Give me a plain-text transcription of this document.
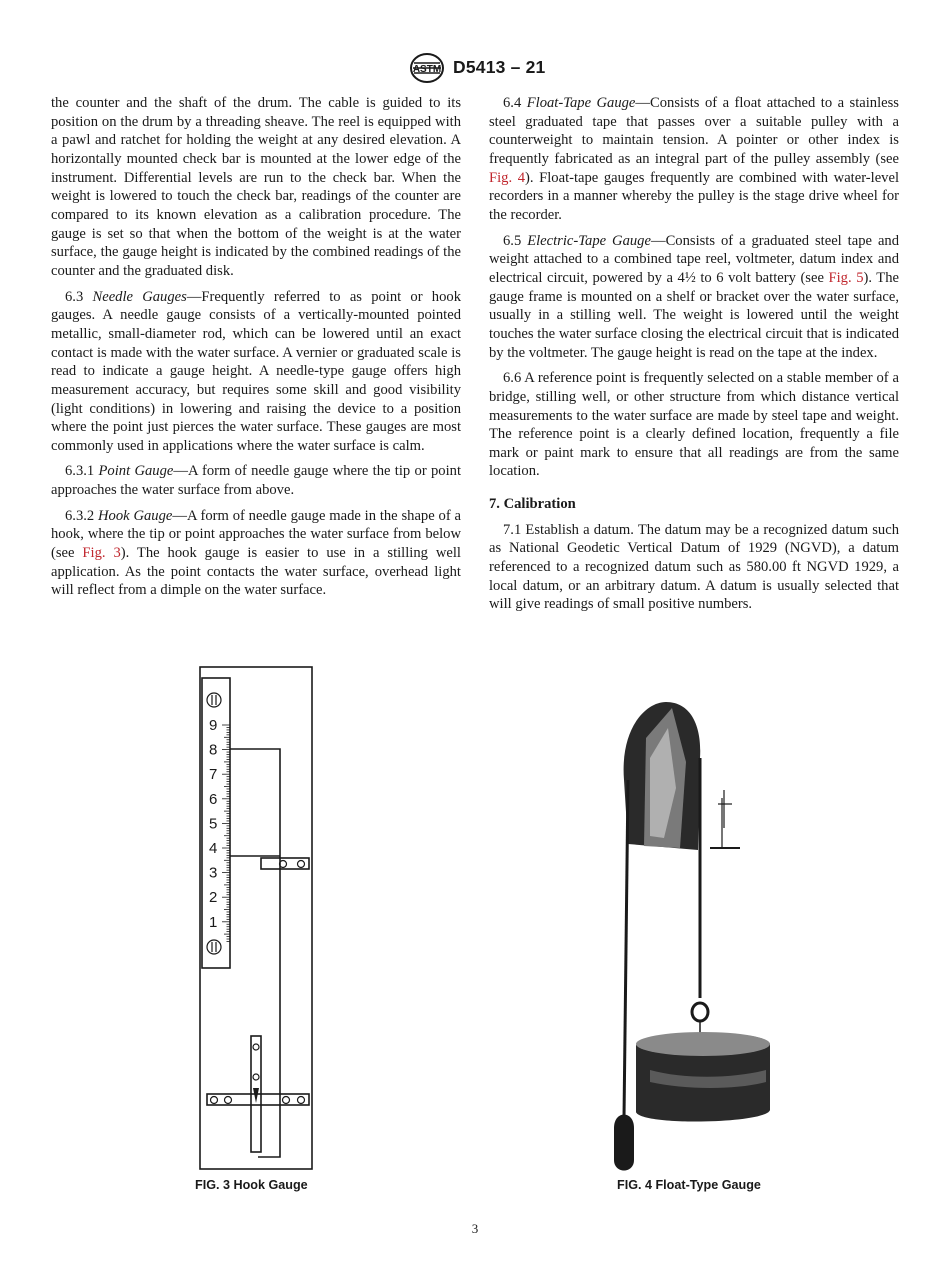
ASTM D5413 – 21

the counter and the shaft of the drum. The cable is guided to its position on the drum by a threading sheave. The reel is equipped with a pawl and ratchet for holding the weight at any desired elevation. A horizontally mounted check bar is mounted at the lower edge of the instrument. Differential levels are run to the check bar. When the weight is lowered to touch the check bar, readings of the counter are compared to its known elevation as a calibration procedure. The gauge is set so that when the bottom of the weight is at the water surface, the gauge height is indicated by the combined readings of the counter and the graduated disk.

6.3 Needle Gauges—Frequently referred to as point or hook gauges. A needle gauge consists of a vertically-mounted pointed metallic, small-diameter rod, which can be lowered until an exact contact is made with the water surface. A vernier or graduated scale is read to indicate a gauge height. A needle-type gauge offers high measurement accuracy, but requires some skill and good visibility (light conditions) in lowering and raising the device to a position where the point just pierces the water surface. These gauges are most commonly used in applications where the water surface is calm.

6.3.1 Point Gauge—A form of needle gauge where the tip or point approaches the water surface from above.

6.3.2 Hook Gauge—A form of needle gauge made in the shape of a hook, where the tip or point approaches the water surface from below (see Fig. 3). The hook gauge is easier to use in a stilling well application. As the point contacts the water surface, overhead light will reflect from a dimple on the water surface.

6.4 Float-Tape Gauge—Consists of a float attached to a stainless steel graduated tape that passes over a suitable pulley with a counterweight to maintain tension. A pointer or other index is frequently fabricated as an integral part of the pulley assembly (see Fig. 4). Float-tape gauges frequently are combined with water-level recorders in a manner whereby the pulley is the stage drive wheel for the recorder.

6.5 Electric-Tape Gauge—Consists of a graduated steel tape and weight attached to a combined tape reel, voltmeter, datum index and electrical circuit, powered by a 4½ to 6 volt battery (see Fig. 5). The gauge frame is mounted on a shelf or bracket over the water surface, usually in a stilling well. The weight is lowered until the weight touches the water surface closing the electrical circuit that is indicated by the voltmeter. The gauge height is read on the tape at the index.

6.6 A reference point is frequently selected on a stable member of a bridge, stilling well, or other structure from which distance vertical measurements to the water surface are made by steel tape and weight. The reference point is a clearly defined location, frequently a file mark or paint mark to ensure that all readings are from the same location.

7. Calibration

7.1 Establish a datum. The datum may be a recognized datum such as National Geodetic Vertical Datum of 1929 (NGVD), a datum referenced to a recognized datum such as 580.00 ft NGVD 1929, a local datum, or an arbitrary datum. A datum is usually selected that will give readings of small positive numbers.

9
8
7
6
5
4
3
2
1
FIG. 3 Hook Gauge	FIG. 4 Float-Type Gauge
3
